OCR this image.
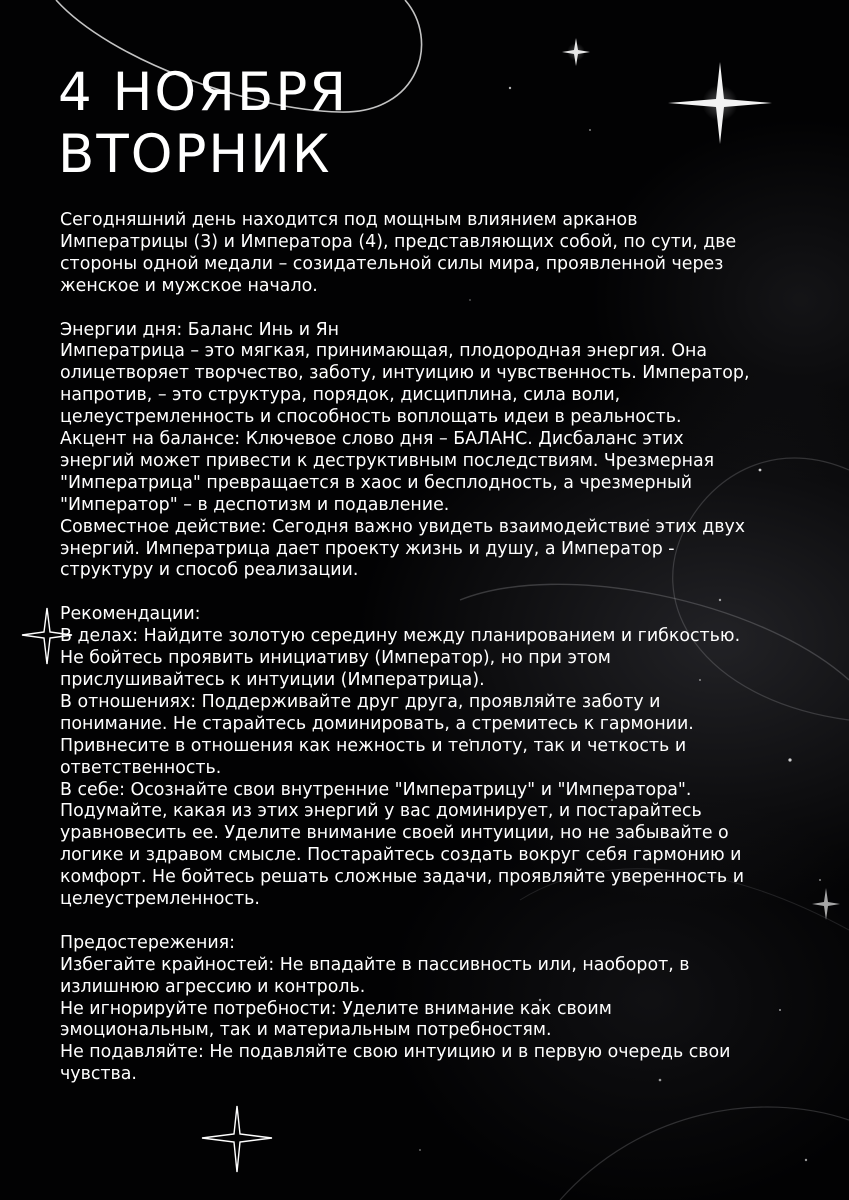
4 НОЯБРЯ
ВТОРНИК

Сегодняшний день находится под мощным влиянием арканов

Императрицы (3) и Императора (4), представляющих собой, по сути, две

стороны одной медали – созидательной силы мира, проявленной через

женское и мужское начало.

Энергии дня: Баланс Инь и Ян

Императрица – это мягкая, принимающая, плодородная энергия. Она

олицетворяет творчество, заботу, интуицию и чувственность. Император,

напротив, – это структура, порядок, дисциплина, сила воли,

целеустремленность и способность воплощать идеи в реальность.

Акцент на балансе: Ключевое слово дня – БАЛАНС. Дисбаланс этих

энергий может привести к деструктивным последствиям. Чрезмерная

"Императрица" превращается в хаос и бесплодность, а чрезмерный

"Император" – в деспотизм и подавление.

Совместное действие: Сегодня важно увидеть взаимодействие этих двух

энергий. Императрица дает проекту жизнь и душу, а Император -

структуру и способ реализации.

Рекомендации:

В делах: Найдите золотую середину между планированием и гибкостью.

Не бойтесь проявить инициативу (Император), но при этом

прислушивайтесь к интуиции (Императрица).

В отношениях: Поддерживайте друг друга, проявляйте заботу и

понимание. Не старайтесь доминировать, а стремитесь к гармонии.

Привнесите в отношения как нежность и теплоту, так и четкость и

ответственность.

В себе: Осознайте свои внутренние "Императрицу" и "Императора".

Подумайте, какая из этих энергий у вас доминирует, и постарайтесь

уравновесить ее. Уделите внимание своей интуиции, но не забывайте о

логике и здравом смысле. Постарайтесь создать вокруг себя гармонию и

комфорт. Не бойтесь решать сложные задачи, проявляйте уверенность и

целеустремленность.

Предостережения:

Избегайте крайностей: Не впадайте в пассивность или, наоборот, в

излишнюю агрессию и контроль.

Не игнорируйте потребности: Уделите внимание как своим

эмоциональным, так и материальным потребностям.

Не подавляйте: Не подавляйте свою интуицию и в первую очередь свои

чувства.
